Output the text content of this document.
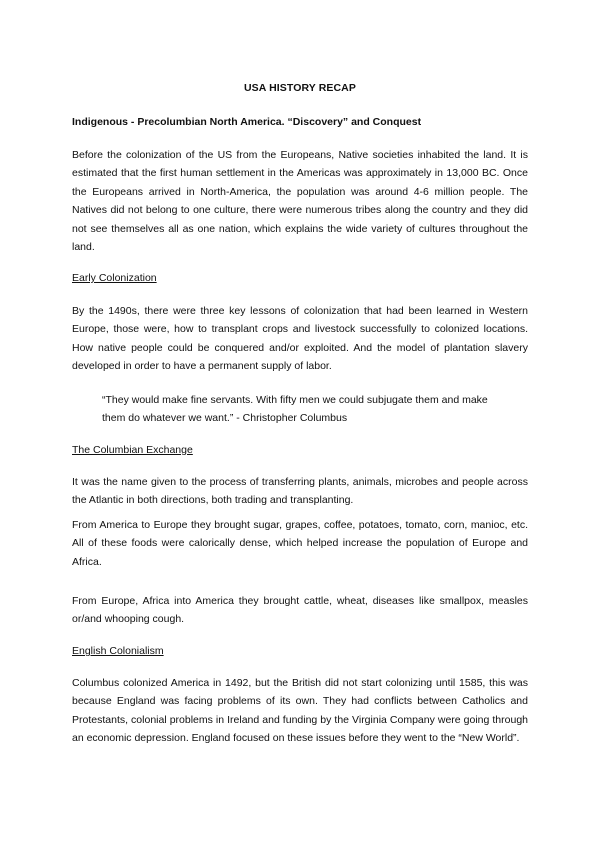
USA HISTORY RECAP
Indigenous - Precolumbian North America. “Discovery” and Conquest

Before the colonization of the US from the Europeans, Native societies inhabited the land. It is estimated that the first human settlement in the Americas was approximately in 13,000 BC. Once the Europeans arrived in North-America, the population was around 4-6 million people. The Natives did not belong to one culture, there were numerous tribes along the country and they did not see themselves all as one nation, which explains the wide variety of cultures throughout the land.

Early Colonization

By the 1490s, there were three key lessons of colonization that had been learned in Western Europe, those were, how to transplant crops and livestock successfully to colonized locations. How native people could be conquered and/or exploited. And the model of plantation slavery developed in order to have a permanent supply of labor.

“They would make fine servants. With fifty men we could subjugate them and make them do whatever we want.” - Christopher Columbus

The Columbian Exchange

It was the name given to the process of transferring plants, animals, microbes and people across the Atlantic in both directions, both trading and transplanting.

From America to Europe they brought sugar, grapes, coffee, potatoes, tomato, corn, manioc, etc. All of these foods were calorically dense, which helped increase the population of Europe and Africa.

From Europe, Africa into America they brought cattle, wheat, diseases like smallpox, measles or/and whooping cough.

English Colonialism

Columbus colonized America in 1492, but the British did not start colonizing until 1585, this was because England was facing problems of its own. They had conflicts between Catholics and Protestants, colonial problems in Ireland and funding by the Virginia Company were going through an economic depression. England focused on these issues before they went to the “New World”.
